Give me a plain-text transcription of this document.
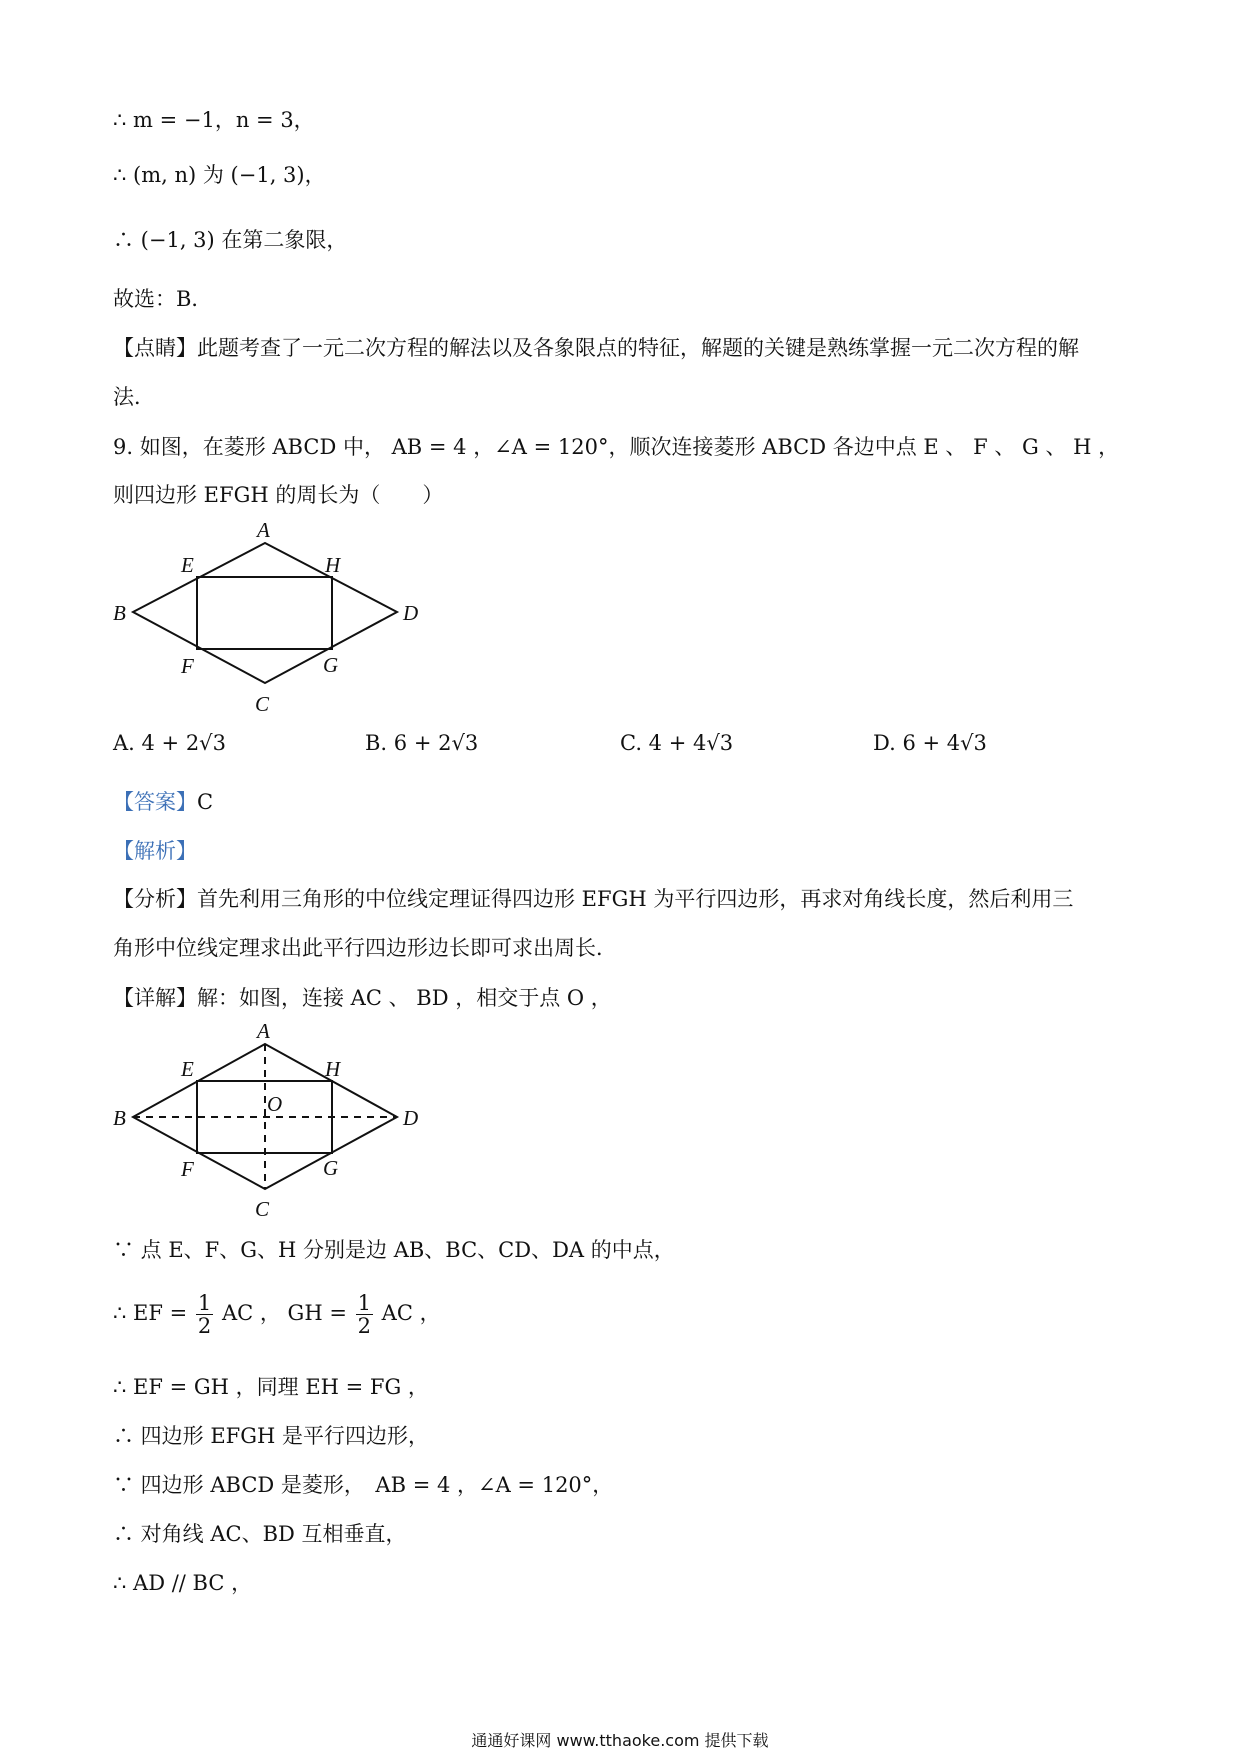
∴ m = −1，n = 3，
∴ (m, n) 为 (−1, 3)，
∴ (−1, 3) 在第二象限，
故选：B．
【点睛】此题考查了一元二次方程的解法以及各象限点的特征，解题的关键是熟练掌握一元二次方程的解
法．
9. 如图，在菱形 ABCD 中， AB = 4 ，∠A = 120°，顺次连接菱形 ABCD 各边中点 E 、 F 、 G 、 H ，
则四边形 EFGH 的周长为（　　）
A
B
C
D
E
F	G
H
A. 4 + 2√3	B. 6 + 2√3	C. 4 + 4√3	D. 6 + 4√3
【答案】C
【解析】
【分析】首先利用三角形的中位线定理证得四边形 EFGH 为平行四边形，再求对角线长度，然后利用三
角形中位线定理求出此平行四边形边长即可求出周长．
【详解】解：如图，连接 AC 、 BD ，相交于点 O ，
A
B
C
D
E
F	G
H
O
∵ 点 E、F、G、H 分别是边 AB、BC、CD、DA 的中点，
∴ EF = $\frac{1}{2}$ AC ， GH = $\frac{1}{2}$ AC ，
∴ EF = GH ，同理 EH = FG ，
∴ 四边形 EFGH 是平行四边形，
∵ 四边形 ABCD 是菱形，　AB = 4 ，∠A = 120°，
∴ 对角线 AC、BD 互相垂直，
∴ AD // BC ，
通通好课网 www.tthaoke.com 提供下载
